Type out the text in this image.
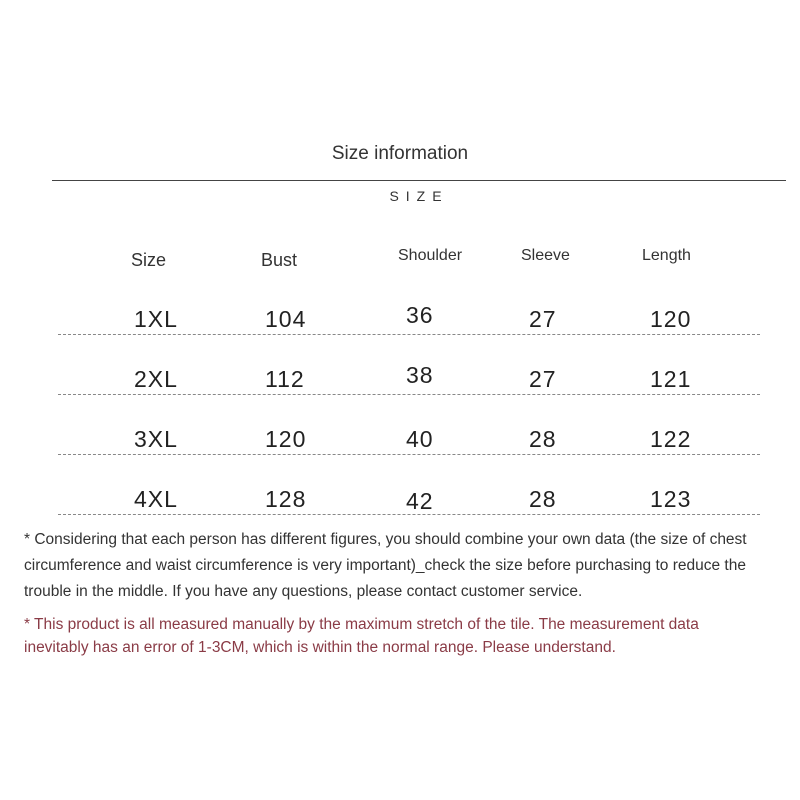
Size information
SIZE
Size	Bust	Shoulder	Sleeve	Length
1XL	104	36	27	120
2XL	112	38	27	121
3XL	120	40	28	122
4XL	128	42	28	123
* Considering that each person has different figures, you should combine your own data (the size of chest circumference and waist circumference is very important)_check the size before purchasing to reduce the trouble in the middle. If you have any questions, please contact customer service.
* This product is all measured manually by the maximum stretch of the tile. The measurement data inevitably has an error of 1-3CM, which is within the normal range. Please understand.
